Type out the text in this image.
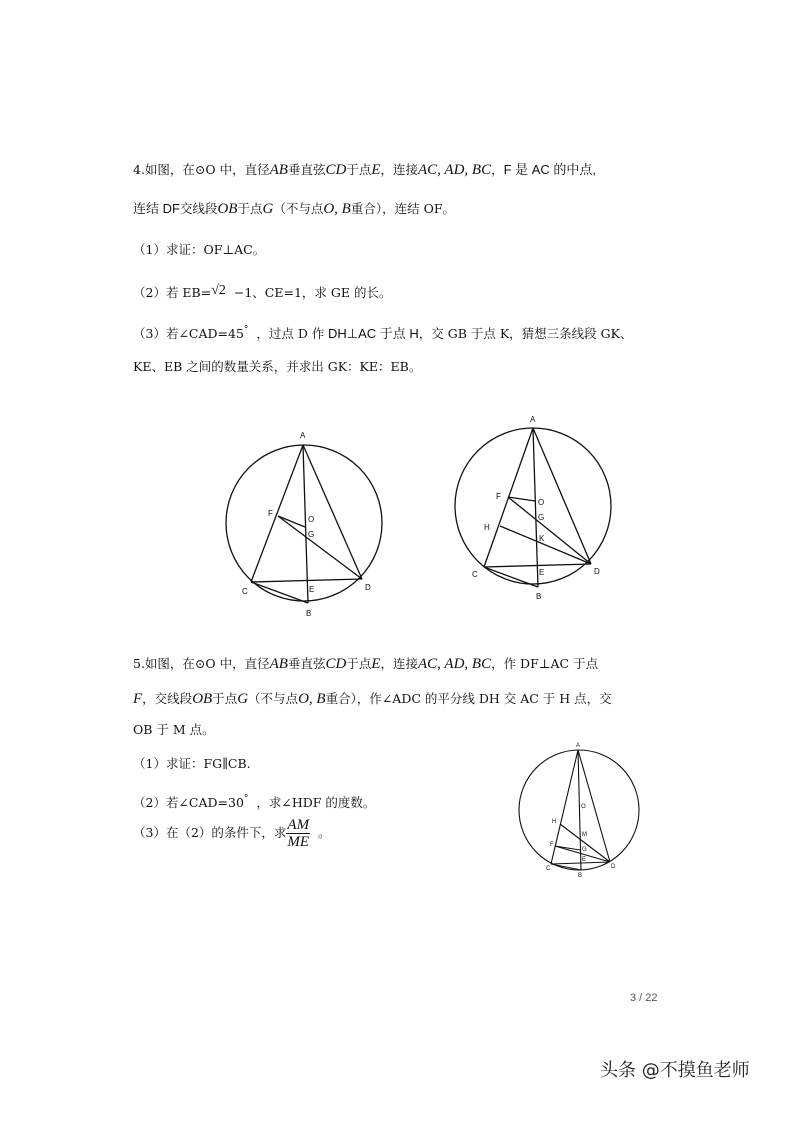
4.如图，在⊙O 中，直径AB垂直弦CD于点E，连接AC, AD, BC，F 是 AC 的中点,
连结 DF交线段OB于点G（不与点O, B重合），连结 OF。
（1）求证：OF⊥AC。
（2）若 EB=√2 −1、CE=1，求 GE 的长。
（3）若∠CAD=45° ，过点 D 作 DH⊥AC 于点 H，交 GB 于点 K，猜想三条线段 GK、
KE、EB 之间的数量关系，并求出 GK：KE：EB。
A
F
O
G
C	E	D
B
A
F
O
G
H
K
C	E	D
B
5.如图，在⊙O 中，直径AB垂直弦CD于点E，连接AC, AD, BC，作 DF⊥AC 于点
F，交线段OB于点G（不与点O, B重合），作∠ADC 的平分线 DH 交 AC 于 H 点，交
OB 于 M 点。
（1）求证：FG∥CB.
（2）若∠CAD=30° ，求∠HDF 的度数。
（3）在（2）的条件下，求 $\frac{AM}{ME}$ 。
A
O
H
M
F
G
E
C	D
B
3 / 22
头条 @不摸鱼老师
